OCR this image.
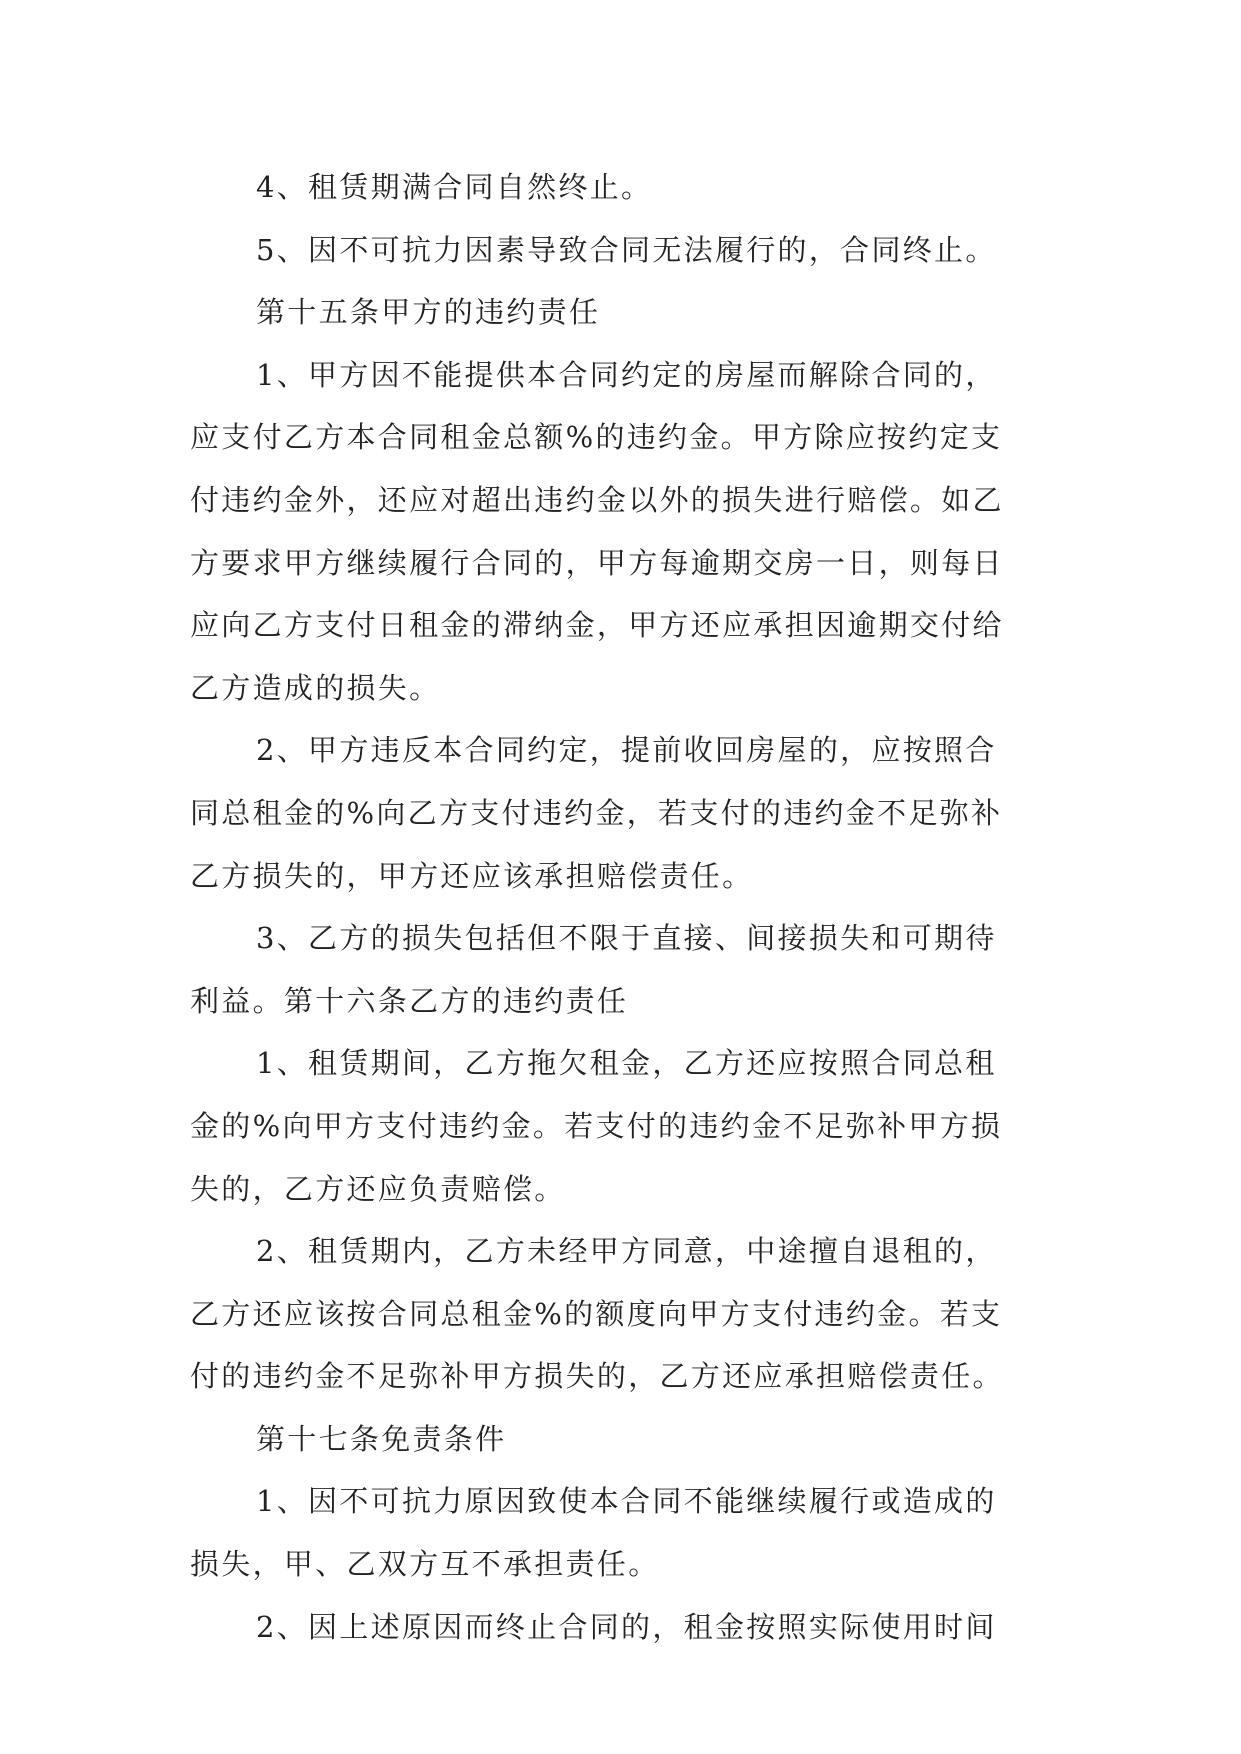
4、租赁期满合同自然终止。
5、因不可抗力因素导致合同无法履行的，合同终止。
第十五条甲方的违约责任
1、甲方因不能提供本合同约定的房屋而解除合同的，
应支付乙方本合同租金总额%的违约金。甲方除应按约定支
付违约金外，还应对超出违约金以外的损失进行赔偿。如乙
方要求甲方继续履行合同的，甲方每逾期交房一日，则每日
应向乙方支付日租金的滞纳金，甲方还应承担因逾期交付给
乙方造成的损失。
2、甲方违反本合同约定，提前收回房屋的，应按照合
同总租金的%向乙方支付违约金，若支付的违约金不足弥补
乙方损失的，甲方还应该承担赔偿责任。
3、乙方的损失包括但不限于直接、间接损失和可期待
利益。第十六条乙方的违约责任
1、租赁期间，乙方拖欠租金，乙方还应按照合同总租
金的%向甲方支付违约金。若支付的违约金不足弥补甲方损
失的，乙方还应负责赔偿。
2、租赁期内，乙方未经甲方同意，中途擅自退租的，
乙方还应该按合同总租金%的额度向甲方支付违约金。若支
付的违约金不足弥补甲方损失的，乙方还应承担赔偿责任。
第十七条免责条件
1、因不可抗力原因致使本合同不能继续履行或造成的
损失，甲、乙双方互不承担责任。
2、因上述原因而终止合同的，租金按照实际使用时间
